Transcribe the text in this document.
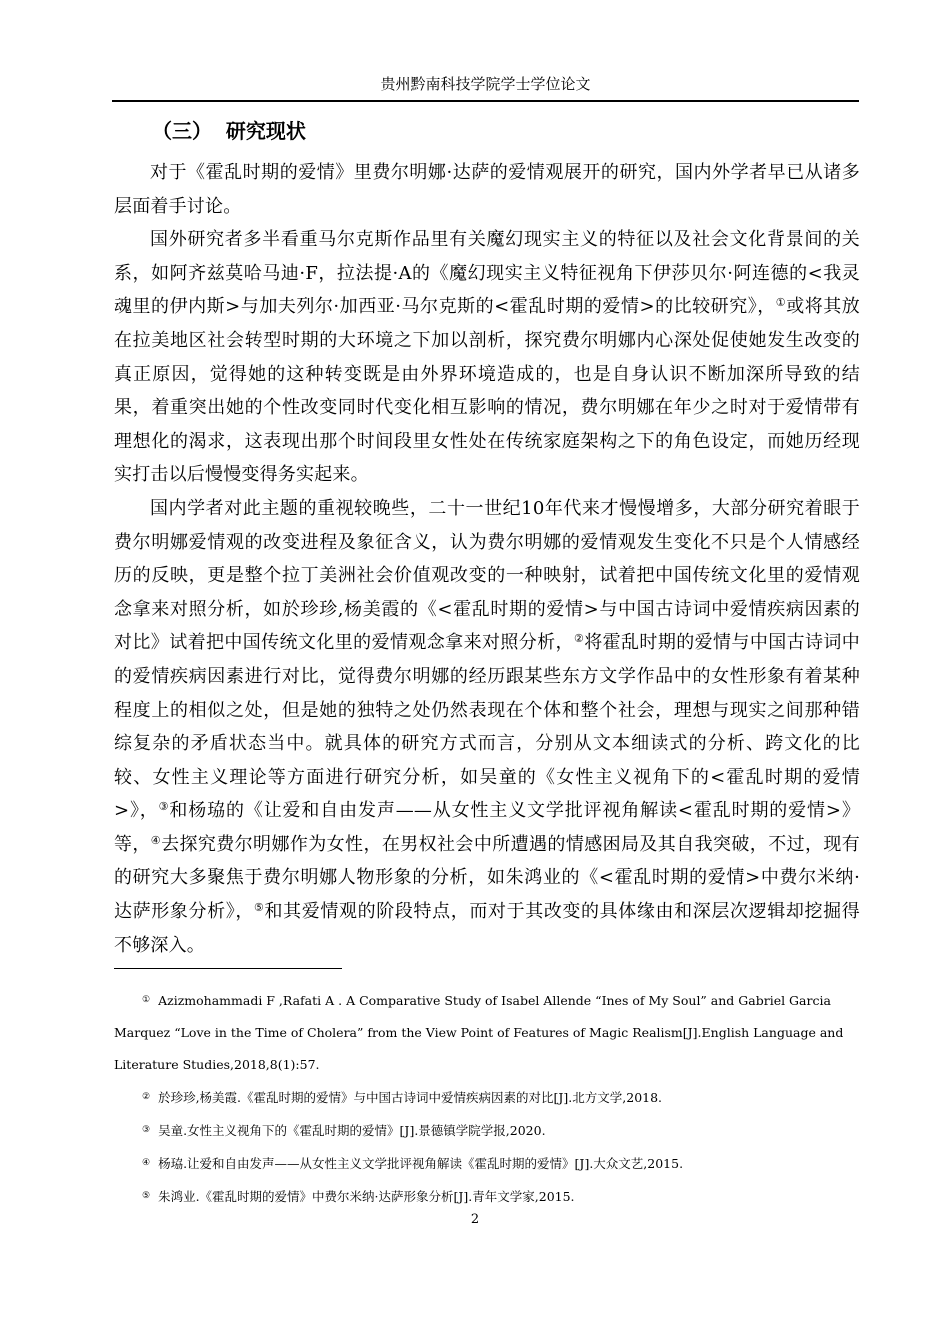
贵州黔南科技学院学士学位论文
（三）  研究现状

对于《霍乱时期的爱情》里费尔明娜·达萨的爱情观展开的研究，国内外学者早已从诸多层面着手讨论。

国外研究者多半看重马尔克斯作品里有关魔幻现实主义的特征以及社会文化背景间的关系，如阿齐兹莫哈马迪·F，拉法提·A的《魔幻现实主义特征视角下伊莎贝尔·阿连德的<我灵魂里的伊内斯>与加夫列尔·加西亚·马尔克斯的<霍乱时期的爱情>的比较研究》，①或将其放在拉美地区社会转型时期的大环境之下加以剖析，探究费尔明娜内心深处促使她发生改变的真正原因，觉得她的这种转变既是由外界环境造成的，也是自身认识不断加深所导致的结果，着重突出她的个性改变同时代变化相互影响的情况，费尔明娜在年少之时对于爱情带有理想化的渴求，这表现出那个时间段里女性处在传统家庭架构之下的角色设定，而她历经现实打击以后慢慢变得务实起来。

国内学者对此主题的重视较晚些，二十一世纪10年代来才慢慢增多，大部分研究着眼于费尔明娜爱情观的改变进程及象征含义，认为费尔明娜的爱情观发生变化不只是个人情感经历的反映，更是整个拉丁美洲社会价值观改变的一种映射，试着把中国传统文化里的爱情观念拿来对照分析，如於珍珍,杨美霞的《<霍乱时期的爱情>与中国古诗词中爱情疾病因素的对比》试着把中国传统文化里的爱情观念拿来对照分析，②将霍乱时期的爱情与中国古诗词中的爱情疾病因素进行对比，觉得费尔明娜的经历跟某些东方文学作品中的女性形象有着某种程度上的相似之处，但是她的独特之处仍然表现在个体和整个社会，理想与现实之间那种错综复杂的矛盾状态当中。就具体的研究方式而言，分别从文本细读式的分析、跨文化的比较、女性主义理论等方面进行研究分析，如吴童的《女性主义视角下的<霍乱时期的爱情>》，③和杨珕的《让爱和自由发声——从女性主义文学批评视角解读<霍乱时期的爱情>》等，④去探究费尔明娜作为女性，在男权社会中所遭遇的情感困局及其自我突破，不过，现有的研究大多聚焦于费尔明娜人物形象的分析，如朱鸿业的《<霍乱时期的爱情>中费尔米纳·达萨形象分析》，⑤和其爱情观的阶段特点，而对于其改变的具体缘由和深层次逻辑却挖掘得不够深入。

① Azizmohammadi F ,Rafati A . A Comparative Study of Isabel Allende “Ines of My Soul” and Gabriel Garcia Marquez “Love in the Time of Cholera” from the View Point of Features of Magic Realism[J].English Language and Literature Studies,2018,8(1):57.
② 於珍珍,杨美霞.《霍乱时期的爱情》与中国古诗词中爱情疾病因素的对比[J].北方文学,2018.
③ 吴童.女性主义视角下的《霍乱时期的爱情》[J].景德镇学院学报,2020.
④ 杨珕.让爱和自由发声——从女性主义文学批评视角解读《霍乱时期的爱情》[J].大众文艺,2015.
⑤ 朱鸿业.《霍乱时期的爱情》中费尔米纳·达萨形象分析[J].青年文学家,2015.
2
